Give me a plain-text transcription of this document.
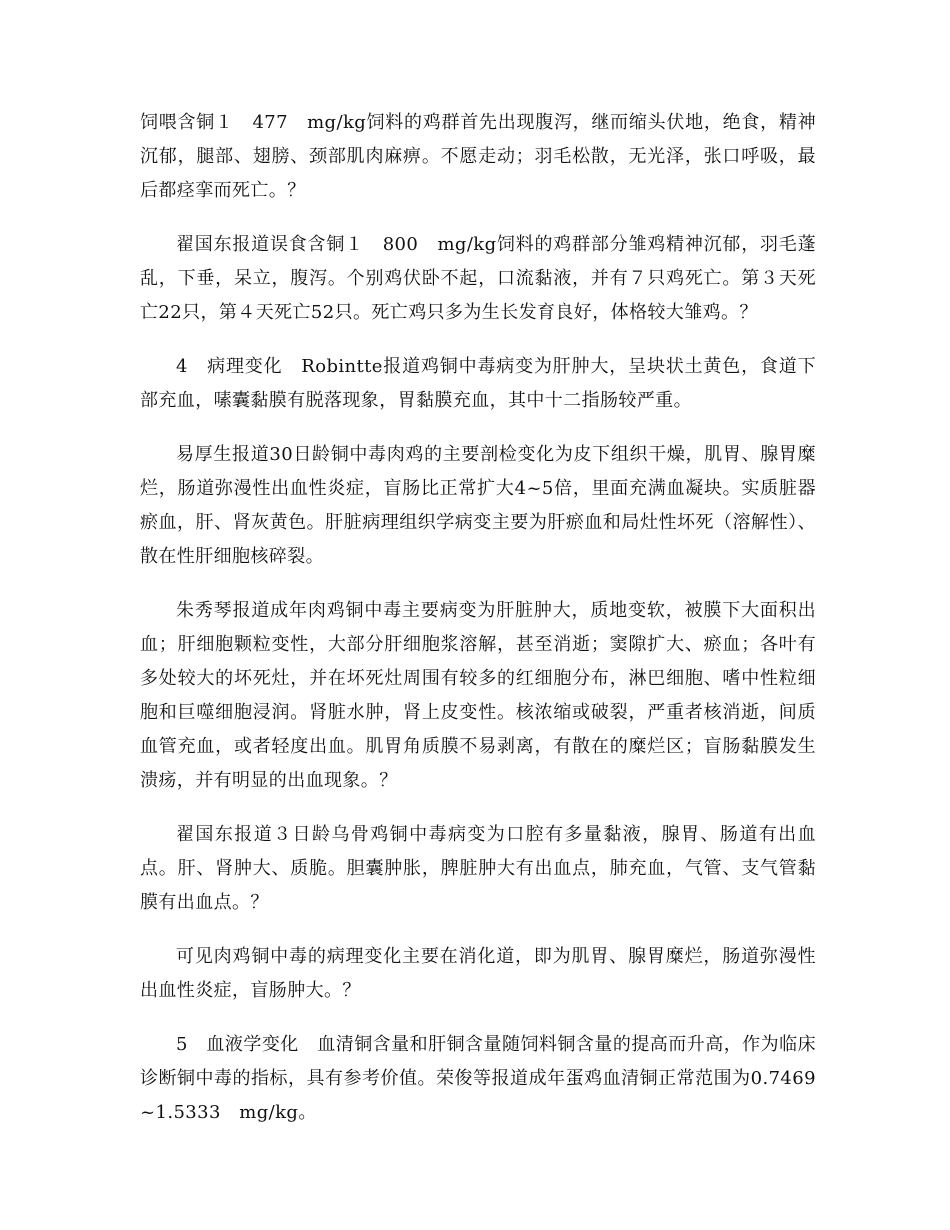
饲喂含铜１　477　mg/kg饲料的鸡群首先出现腹泻，继而缩头伏地，绝食，精神沉郁，腿部、翅膀、颈部肌肉麻痹。不愿走动；羽毛松散，无光泽，张口呼吸，最后都痉挛而死亡。？

翟国东报道误食含铜１　800　mg/kg饲料的鸡群部分雏鸡精神沉郁，羽毛蓬乱，下垂，呆立，腹泻。个别鸡伏卧不起，口流黏液，并有７只鸡死亡。第３天死亡22只，第４天死亡52只。死亡鸡只多为生长发育良好，体格较大雏鸡。？

4　病理变化　Robintte报道鸡铜中毒病变为肝肿大，呈块状土黄色，食道下部充血，嗉囊黏膜有脱落现象，胃黏膜充血，其中十二指肠较严重。

易厚生报道30日龄铜中毒肉鸡的主要剖检变化为皮下组织干燥，肌胃、腺胃糜烂，肠道弥漫性出血性炎症，盲肠比正常扩大4~5倍，里面充满血凝块。实质脏器瘀血，肝、肾灰黄色。肝脏病理组织学病变主要为肝瘀血和局灶性坏死（溶解性）、散在性肝细胞核碎裂。

朱秀琴报道成年肉鸡铜中毒主要病变为肝脏肿大，质地变软，被膜下大面积出血；肝细胞颗粒变性，大部分肝细胞浆溶解，甚至消逝；窦隙扩大、瘀血；各叶有多处较大的坏死灶，并在坏死灶周围有较多的红细胞分布，淋巴细胞、嗜中性粒细胞和巨噬细胞浸润。肾脏水肿，肾上皮变性。核浓缩或破裂，严重者核消逝，间质血管充血，或者轻度出血。肌胃角质膜不易剥离，有散在的糜烂区；盲肠黏膜发生溃疡，并有明显的出血现象。？

翟国东报道３日龄乌骨鸡铜中毒病变为口腔有多量黏液，腺胃、肠道有出血点。肝、肾肿大、质脆。胆囊肿胀，脾脏肿大有出血点，肺充血，气管、支气管黏膜有出血点。？

可见肉鸡铜中毒的病理变化主要在消化道，即为肌胃、腺胃糜烂，肠道弥漫性出血性炎症，盲肠肿大。？

5　血液学变化　血清铜含量和肝铜含量随饲料铜含量的提高而升高，作为临床诊断铜中毒的指标，具有参考价值。荣俊等报道成年蛋鸡血清铜正常范围为0.7469~1.5333　mg/kg。
